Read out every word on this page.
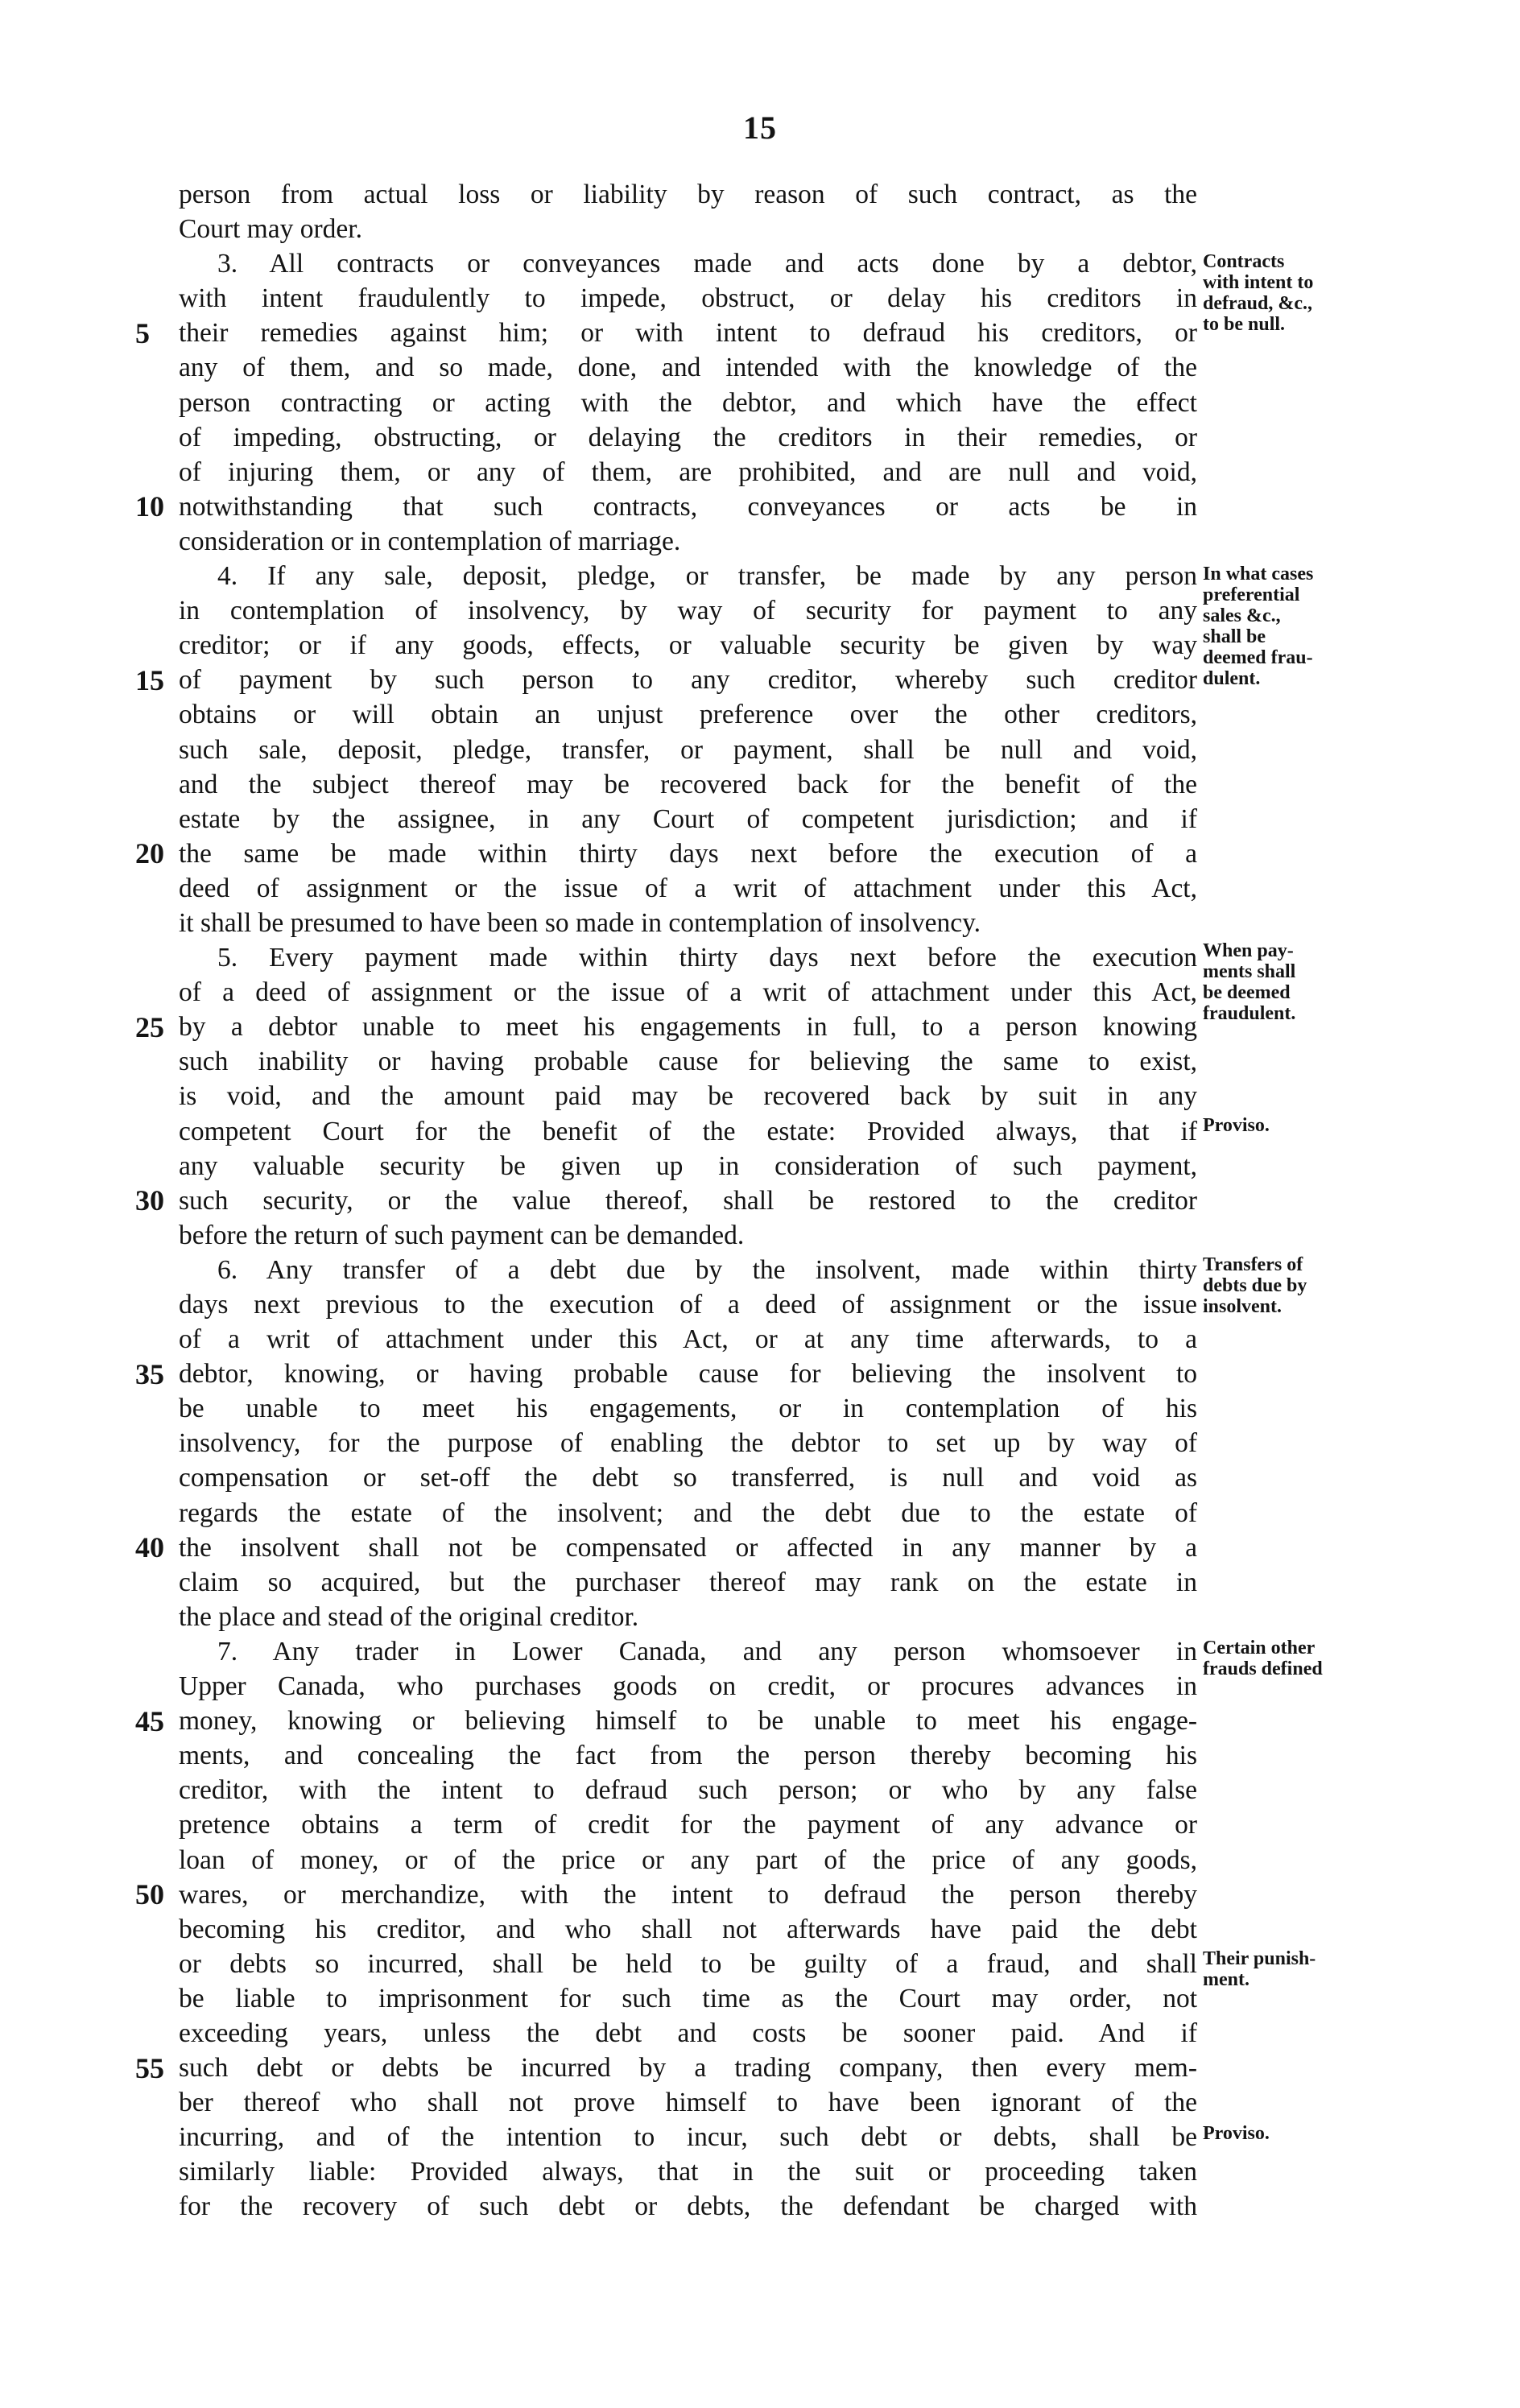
15
person from actual loss or liability by reason of such contract, as the
Court may order.
3. All contracts or conveyances made and acts done by a debtor,
with intent fraudulently to impede, obstruct, or delay his creditors in
their remedies against him; or with intent to defraud his creditors, or
any of them, and so made, done, and intended with the knowledge of the
person contracting or acting with the debtor, and which have the effect
of impeding, obstructing, or delaying the creditors in their remedies, or
of injuring them, or any of them, are prohibited, and are null and void,
notwithstanding that such contracts, conveyances or acts be in
consideration or in contemplation of marriage.
4. If any sale, deposit, pledge, or transfer, be made by any person
in contemplation of insolvency, by way of security for payment to any
creditor; or if any goods, effects, or valuable security be given by way
of payment by such person to any creditor, whereby such creditor
obtains or will obtain an unjust preference over the other creditors,
such sale, deposit, pledge, transfer, or payment, shall be null and void,
and the subject thereof may be recovered back for the benefit of the
estate by the assignee, in any Court of competent jurisdiction; and if
the same be made within thirty days next before the execution of a
deed of assignment or the issue of a writ of attachment under this Act,
it shall be presumed to have been so made in contemplation of insolvency.
5. Every payment made within thirty days next before the execution
of a deed of assignment or the issue of a writ of attachment under this Act,
by a debtor unable to meet his engagements in full, to a person knowing
such inability or having probable cause for believing the same to exist,
is void, and the amount paid may be recovered back by suit in any
competent Court for the benefit of the estate: Provided always, that if
any valuable security be given up in consideration of such payment,
such security, or the value thereof, shall be restored to the creditor
before the return of such payment can be demanded.
6. Any transfer of a debt due by the insolvent, made within thirty
days next previous to the execution of a deed of assignment or the issue
of a writ of attachment under this Act, or at any time afterwards, to a
debtor, knowing, or having probable cause for believing the insolvent to
be unable to meet his engagements, or in contemplation of his
insolvency, for the purpose of enabling the debtor to set up by way of
compensation or set-off the debt so transferred, is null and void as
regards the estate of the insolvent; and the debt due to the estate of
the insolvent shall not be compensated or affected in any manner by a
claim so acquired, but the purchaser thereof may rank on the estate in
the place and stead of the original creditor.
7. Any trader in Lower Canada, and any person whomsoever in
Upper Canada, who purchases goods on credit, or procures advances in
money, knowing or believing himself to be unable to meet his engage-
ments, and concealing the fact from the person thereby becoming his
creditor, with the intent to defraud such person; or who by any false
pretence obtains a term of credit for the payment of any advance or
loan of money, or of the price or any part of the price of any goods,
wares, or merchandize, with the intent to defraud the person thereby
becoming his creditor, and who shall not afterwards have paid the debt
or debts so incurred, shall be held to be guilty of a fraud, and shall
be liable to imprisonment for such time as the Court may order, not
exceeding years, unless the debt and costs be sooner paid. And if
such debt or debts be incurred by a trading company, then every mem-
ber thereof who shall not prove himself to have been ignorant of the
incurring, and of the intention to incur, such debt or debts, shall be
similarly liable: Provided always, that in the suit or proceeding taken
for the recovery of such debt or debts, the defendant be charged with
5
10
15
20
25
30
35
40
45
50
55
Contracts
with intent to
defraud, &c.,
to be null.
In what cases
preferential
sales &c.,
shall be
deemed frau-
dulent.
When pay-
ments shall
be deemed
fraudulent.
Proviso.
Transfers of
debts due by
insolvent.
Certain other
frauds defined
Their punish-
ment.
Proviso.
